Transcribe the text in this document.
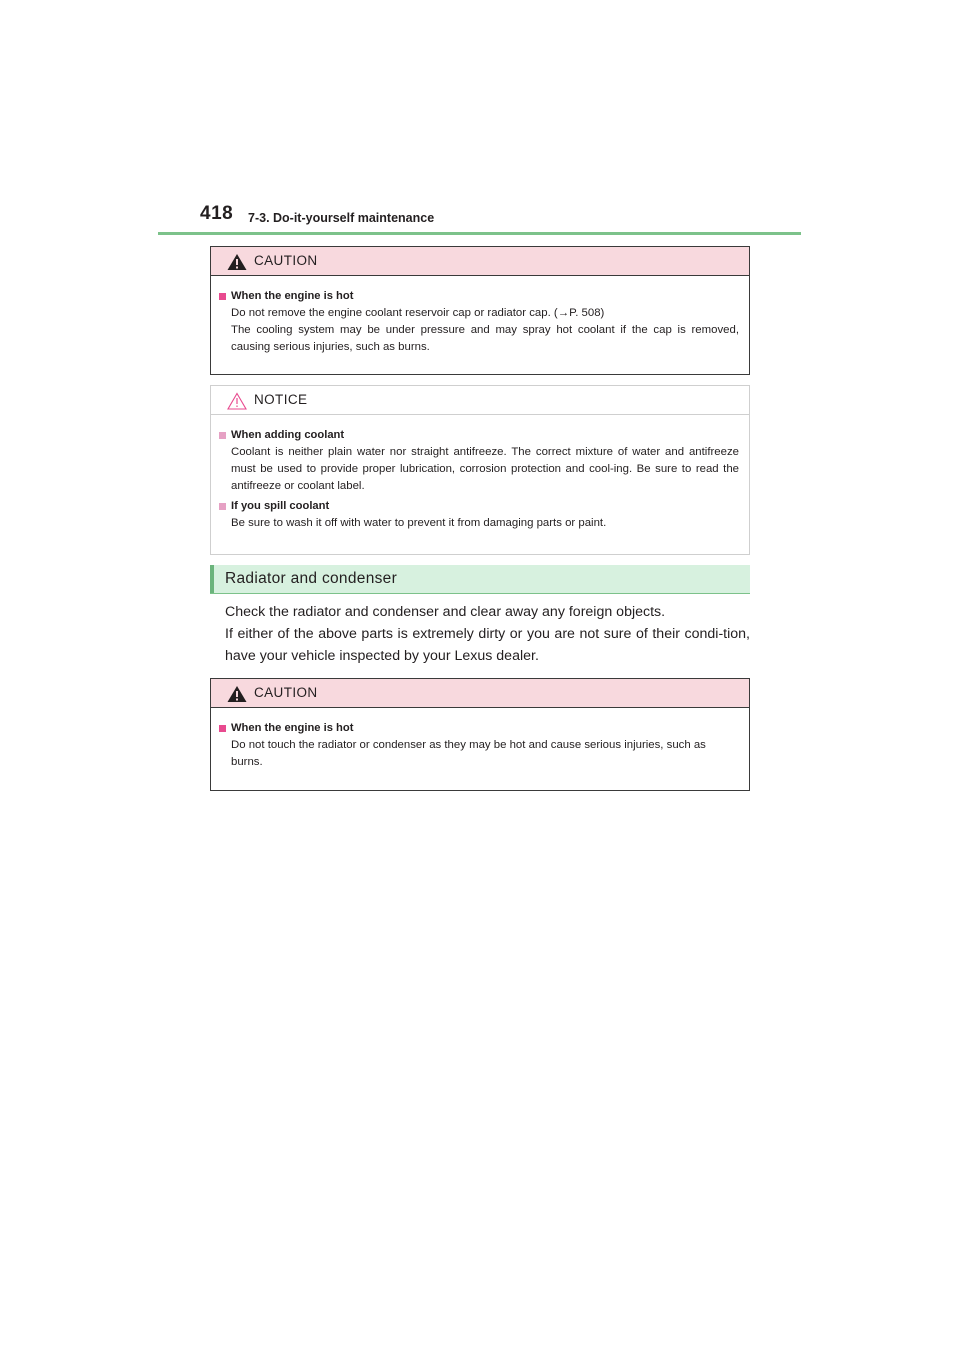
418 7-3. Do-it-yourself maintenance
CAUTION
When the engine is hot
Do not remove the engine coolant reservoir cap or radiator cap. (→P. 508)
The cooling system may be under pressure and may spray hot coolant if the cap is removed, causing serious injuries, such as burns.
NOTICE
When adding coolant
Coolant is neither plain water nor straight antifreeze. The correct mixture of water and antifreeze must be used to provide proper lubrication, corrosion protection and cool-ing. Be sure to read the antifreeze or coolant label.
If you spill coolant
Be sure to wash it off with water to prevent it from damaging parts or paint.
Radiator and condenser
Check the radiator and condenser and clear away any foreign objects.
If either of the above parts is extremely dirty or you are not sure of their condi-tion, have your vehicle inspected by your Lexus dealer.
CAUTION
When the engine is hot
Do not touch the radiator or condenser as they may be hot and cause serious injuries, such as burns.
